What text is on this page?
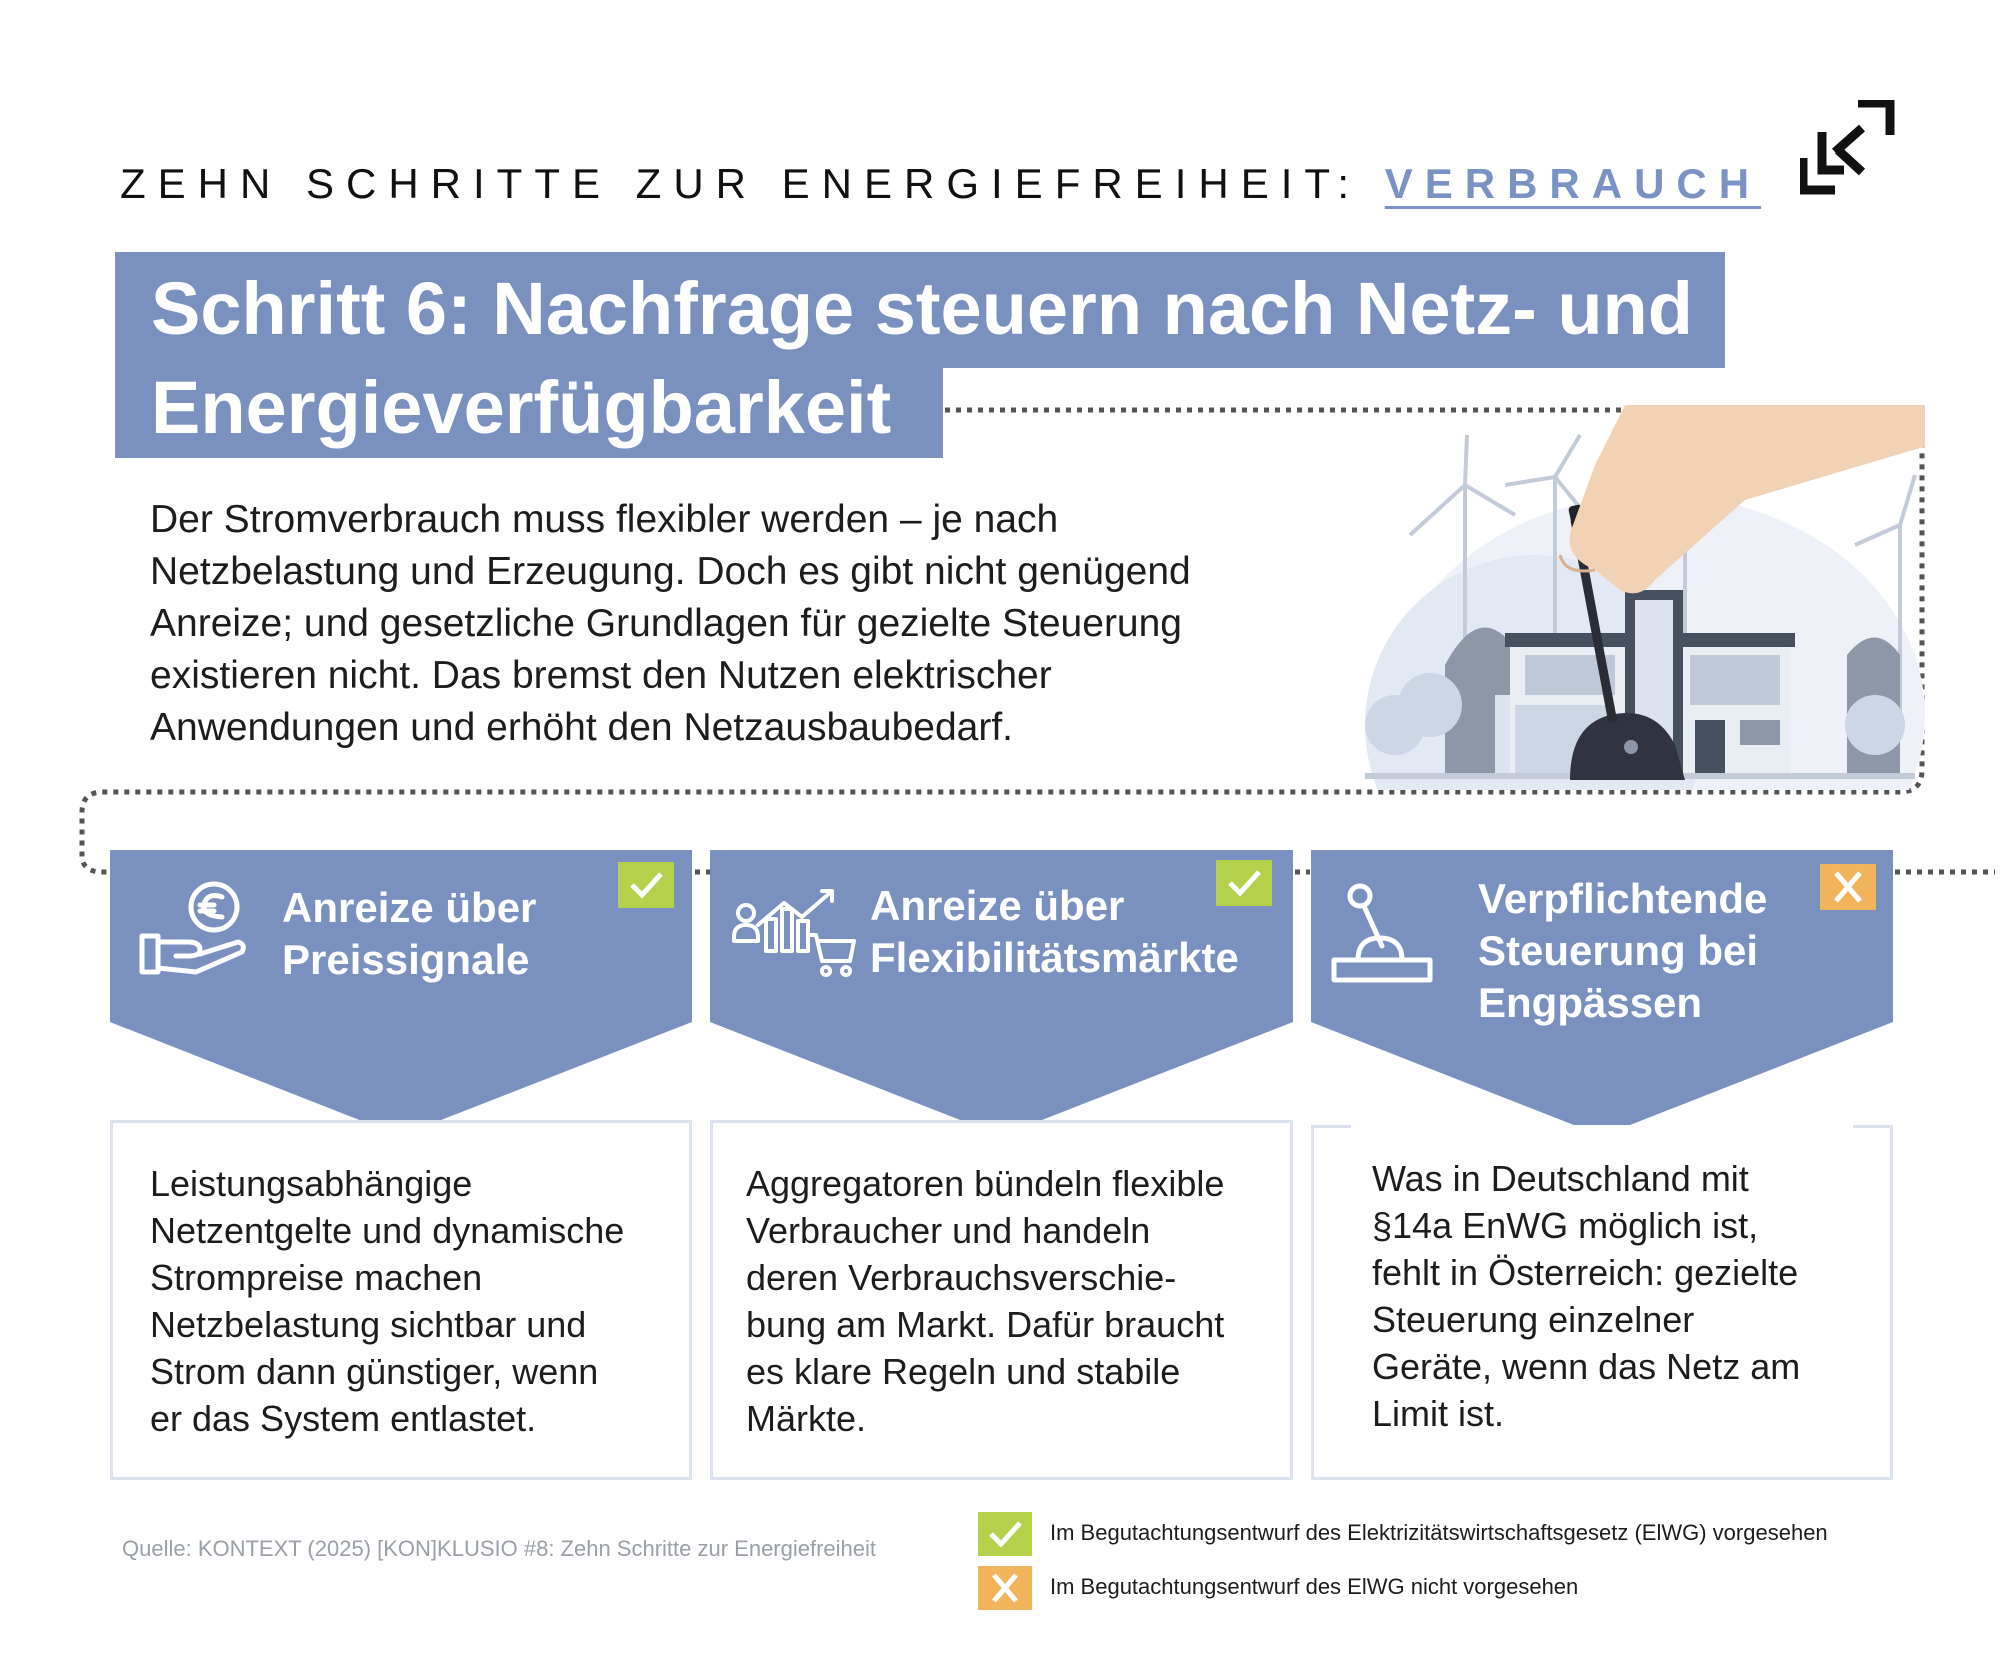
ZEHN SCHRITTE ZUR ENERGIEFREIHEIT: VERBRAUCH
Schritt 6: Nachfrage steuern nach Netz- und
Energieverfügbarkeit
Der Stromverbrauch muss flexibler werden – je nach
Netzbelastung und Erzeugung. Doch es gibt nicht genügend
Anreize; und gesetzliche Grundlagen für gezielte Steuerung
existieren nicht. Das bremst den Nutzen elektrischer
Anwendungen und erhöht den Netzausbaubedarf.
Leistungsabhängige
Netzentgelte und dynamische
Strompreise machen
Netzbelastung sichtbar und
Strom dann günstiger, wenn
er das System entlastet.
Anreize über
Preissignale
Aggregatoren bündeln flexible
Verbraucher und handeln
deren Verbrauchsverschie-
bung am Markt. Dafür braucht
es klare Regeln und stabile
Märkte.
Anreize über
Flexibilitätsmärkte
Was in Deutschland mit
§14a EnWG möglich ist,
fehlt in Österreich: gezielte
Steuerung einzelner
Geräte, wenn das Netz am
Limit ist.
Verpflichtende
Steuerung bei
Engpässen
Quelle: KONTEXT (2025) [KON]KLUSIO #8: Zehn Schritte zur Energiefreiheit
Im Begutachtungsentwurf des Elektrizitätswirtschaftsgesetz (ElWG) vorgesehen
Im Begutachtungsentwurf des ElWG nicht vorgesehen
